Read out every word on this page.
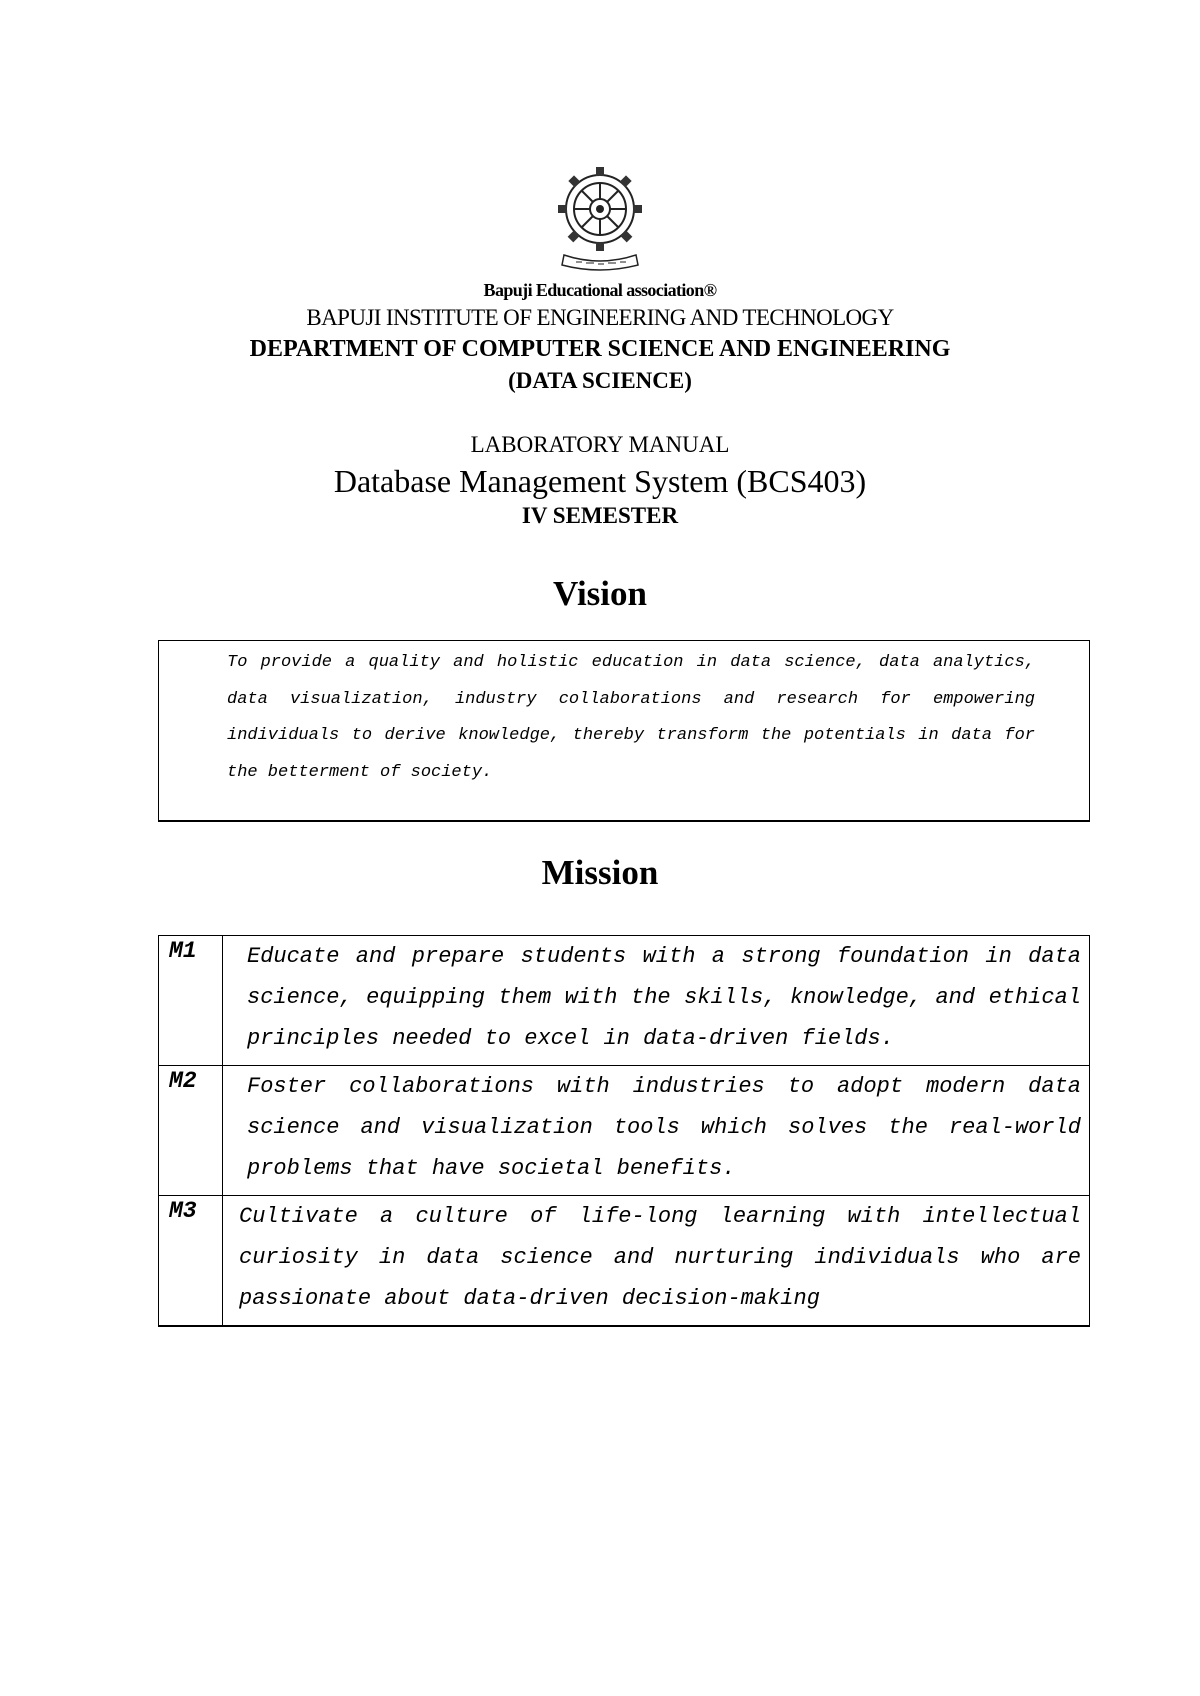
Bapuji Educational association®
BAPUJI INSTITUTE OF ENGINEERING AND TECHNOLOGY
DEPARTMENT OF COMPUTER SCIENCE AND ENGINEERING
(DATA SCIENCE)
LABORATORY MANUAL
Database Management System (BCS403)
IV SEMESTER
Vision
To provide a quality and holistic education in data science, data analytics, data visualization, industry collaborations and research for empowering individuals to derive knowledge, thereby transform the potentials in data for the betterment of society.
Mission
M1	Educate and prepare students with a strong foundation in data science, equipping them with the skills, knowledge, and ethical principles needed to excel in data-driven fields.
M2	Foster collaborations with industries to adopt modern data science and visualization tools which solves the real-world problems that have societal benefits.
M3	Cultivate a culture of life-long learning with intellectual curiosity in data science and nurturing individuals who are passionate about data-driven decision-making
